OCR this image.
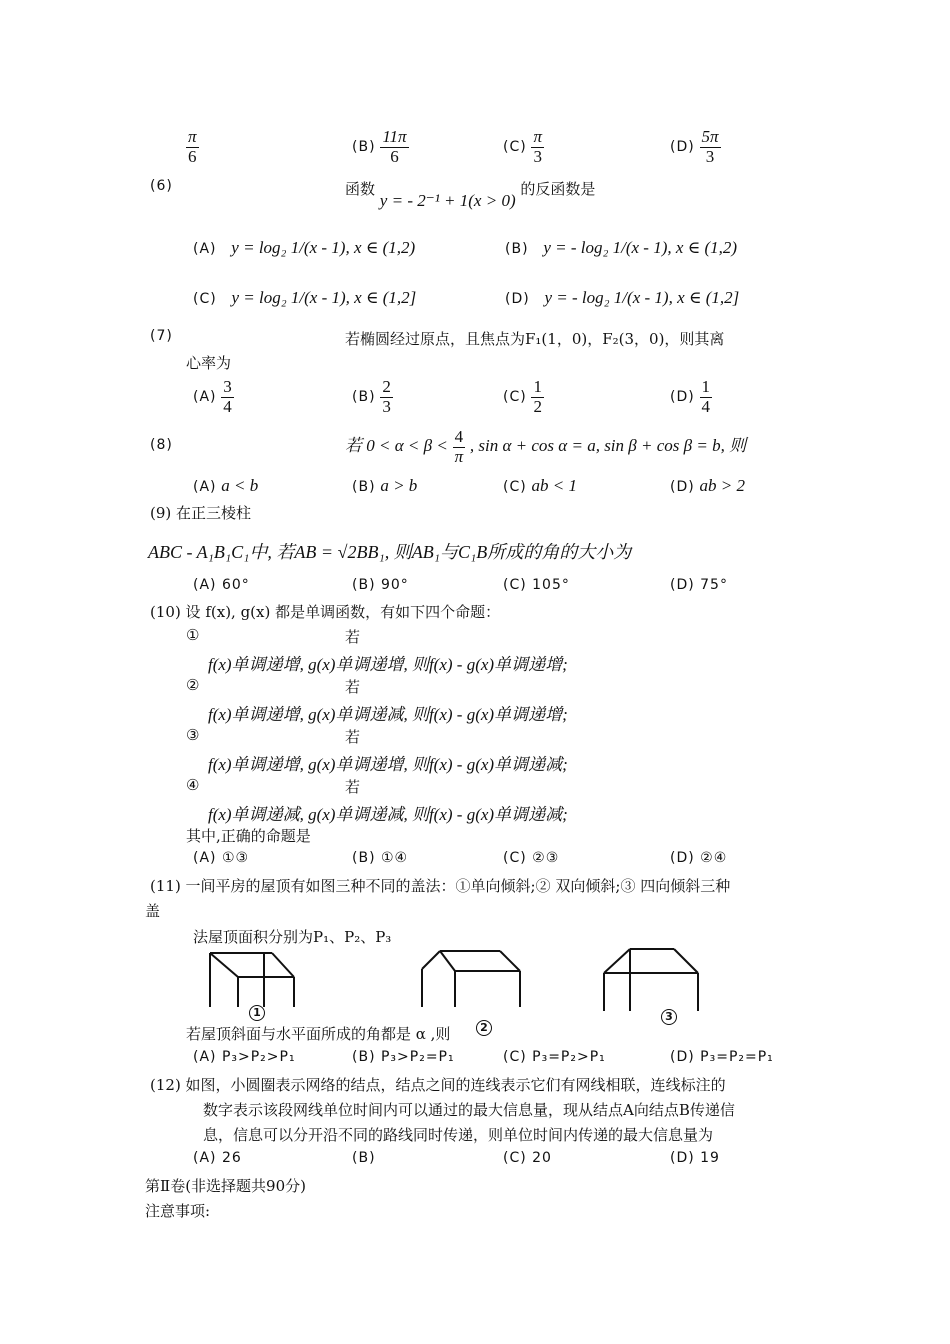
$\frac{\pi}{6}$	$(B) \frac{11\pi}{6}$	$(C) \frac{\pi}{3}$	$(D) \frac{5\pi}{3}$
(6)	函数 y = - 2⁻¹ + 1(x > 0) 的反函数是
(A) y = log₂ 1/(x - 1), x ∈ (1,2)	(B) y = - log₂ 1/(x - 1), x ∈ (1,2)
(C) y = log₂ 1/(x - 1), x ∈ (1,2]	(D) y = - log₂ 1/(x - 1), x ∈ (1,2]
(7)	若椭圆经过原点，且焦点为F₁(1，0)，F₂(3，0)，则其离
心率为
$(A) \frac{3}{4}$	$(B) \frac{2}{3}$	$(C) \frac{1}{2}$	$(D) \frac{1}{4}$
(8)	若 $0 < \alpha < \beta < \frac{4}{\pi}$ , sin α + cos α = a, sin β + cos β = b, 则
(A) a < b	(B) a > b	(C) ab < 1	(D) ab > 2
(9) 在正三棱柱
ABC - A₁B₁C₁中, 若AB = √2BB₁, 则AB₁与C₁B所成的角的大小为
(A) 60°	(B) 90°	(C) 105°	(D) 75°
(10) 设 f(x), g(x) 都是单调函数，有如下四个命题：
①	若
f(x)单调递增, g(x)单调递增, 则f(x) - g(x)单调递增;
②	若
f(x)单调递增, g(x)单调递减, 则f(x) - g(x)单调递增;
③	若
f(x)单调递增, g(x)单调递增, 则f(x) - g(x)单调递减;
④	若
f(x)单调递减, g(x)单调递减, 则f(x) - g(x)单调递减;
其中,正确的命题是
(A) ①③	(B) ①④	(C) ②③	(D) ②④
(11) 一间平房的屋顶有如图三种不同的盖法：①单向倾斜;② 双向倾斜;③ 四向倾斜三种
盖
法屋顶面积分别为P₁、P₂、P₃
1
2
3
若屋顶斜面与水平面所成的角都是 α ,则
(A) P₃>P₂>P₁	(B) P₃>P₂=P₁	(C) P₃=P₂>P₁	(D) P₃=P₂=P₁
(12) 如图，小圆圈表示网络的结点，结点之间的连线表示它们有网线相联，连线标注的
数字表示该段网线单位时间内可以通过的最大信息量，现从结点A向结点B传递信
息，信息可以分开沿不同的路线同时传递，则单位时间内传递的最大信息量为
(A) 26	(B)	(C) 20	(D) 19
第Ⅱ卷(非选择题共90分)
注意事项:
